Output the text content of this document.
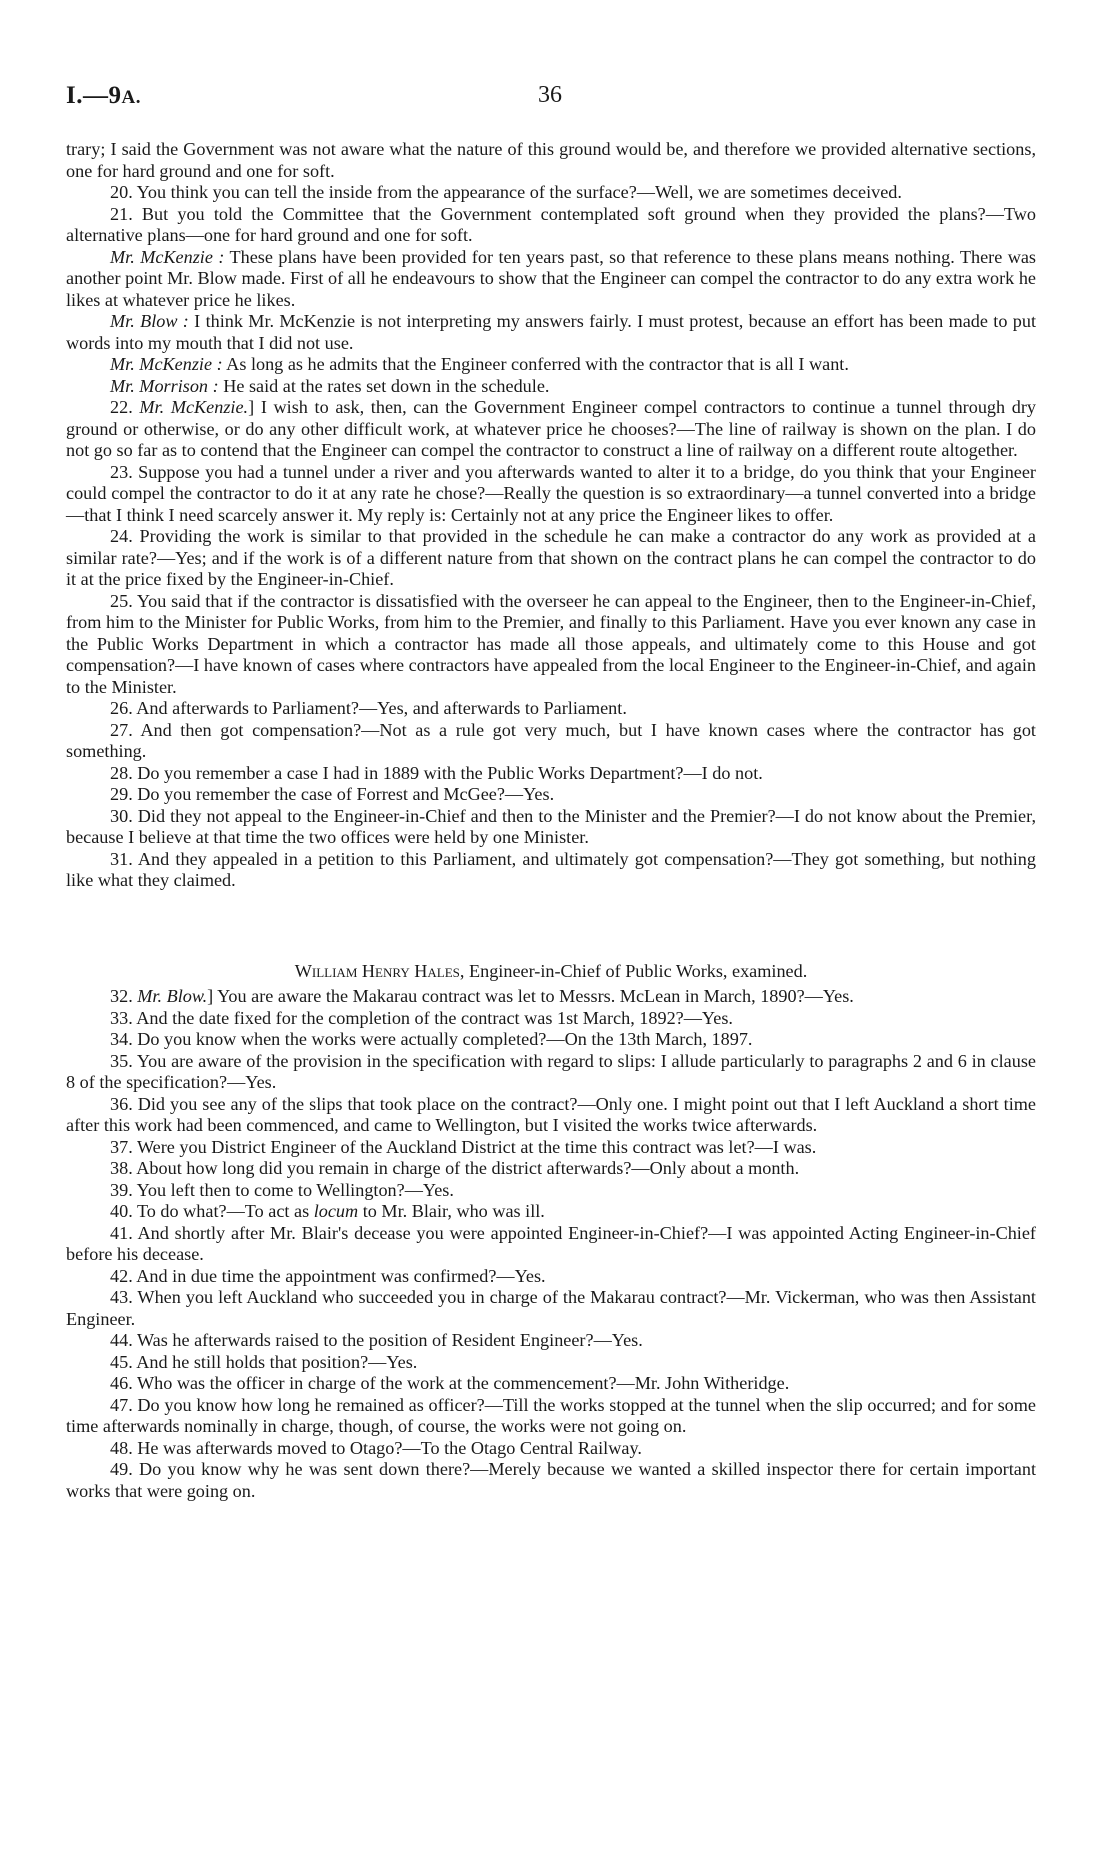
I.—9A.	36

trary; I said the Government was not aware what the nature of this ground would be, and therefore we provided alternative sections, one for hard ground and one for soft.

20. You think you can tell the inside from the appearance of the surface?—Well, we are sometimes deceived.

21. But you told the Committee that the Government contemplated soft ground when they provided the plans?—Two alternative plans—one for hard ground and one for soft.

Mr. McKenzie : These plans have been provided for ten years past, so that reference to these plans means nothing. There was another point Mr. Blow made. First of all he endeavours to show that the Engineer can compel the contractor to do any extra work he likes at whatever price he likes.

Mr. Blow : I think Mr. McKenzie is not interpreting my answers fairly. I must protest, because an effort has been made to put words into my mouth that I did not use.

Mr. McKenzie : As long as he admits that the Engineer conferred with the contractor that is all I want.

Mr. Morrison : He said at the rates set down in the schedule.

22. Mr. McKenzie.] I wish to ask, then, can the Government Engineer compel contractors to continue a tunnel through dry ground or otherwise, or do any other difficult work, at whatever price he chooses?—The line of railway is shown on the plan. I do not go so far as to contend that the Engineer can compel the contractor to construct a line of railway on a different route altogether.

23. Suppose you had a tunnel under a river and you afterwards wanted to alter it to a bridge, do you think that your Engineer could compel the contractor to do it at any rate he chose?—Really the question is so extraordinary—a tunnel converted into a bridge—that I think I need scarcely answer it. My reply is: Certainly not at any price the Engineer likes to offer.

24. Providing the work is similar to that provided in the schedule he can make a contractor do any work as provided at a similar rate?—Yes; and if the work is of a different nature from that shown on the contract plans he can compel the contractor to do it at the price fixed by the Engineer-in-Chief.

25. You said that if the contractor is dissatisfied with the overseer he can appeal to the Engineer, then to the Engineer-in-Chief, from him to the Minister for Public Works, from him to the Premier, and finally to this Parliament. Have you ever known any case in the Public Works Department in which a contractor has made all those appeals, and ultimately come to this House and got compensation?—I have known of cases where contractors have appealed from the local Engineer to the Engineer-in-Chief, and again to the Minister.

26. And afterwards to Parliament?—Yes, and afterwards to Parliament.

27. And then got compensation?—Not as a rule got very much, but I have known cases where the contractor has got something.

28. Do you remember a case I had in 1889 with the Public Works Department?—I do not.

29. Do you remember the case of Forrest and McGee?—Yes.

30. Did they not appeal to the Engineer-in-Chief and then to the Minister and the Premier?—I do not know about the Premier, because I believe at that time the two offices were held by one Minister.

31. And they appealed in a petition to this Parliament, and ultimately got compensation?—They got something, but nothing like what they claimed.

William Henry Hales, Engineer-in-Chief of Public Works, examined.

32. Mr. Blow.] You are aware the Makarau contract was let to Messrs. McLean in March, 1890?—Yes.

33. And the date fixed for the completion of the contract was 1st March, 1892?—Yes.

34. Do you know when the works were actually completed?—On the 13th March, 1897.

35. You are aware of the provision in the specification with regard to slips: I allude particularly to paragraphs 2 and 6 in clause 8 of the specification?—Yes.

36. Did you see any of the slips that took place on the contract?—Only one. I might point out that I left Auckland a short time after this work had been commenced, and came to Wellington, but I visited the works twice afterwards.

37. Were you District Engineer of the Auckland District at the time this contract was let?—I was.

38. About how long did you remain in charge of the district afterwards?—Only about a month.

39. You left then to come to Wellington?—Yes.

40. To do what?—To act as locum to Mr. Blair, who was ill.

41. And shortly after Mr. Blair's decease you were appointed Engineer-in-Chief?—I was appointed Acting Engineer-in-Chief before his decease.

42. And in due time the appointment was confirmed?—Yes.

43. When you left Auckland who succeeded you in charge of the Makarau contract?—Mr. Vickerman, who was then Assistant Engineer.

44. Was he afterwards raised to the position of Resident Engineer?—Yes.

45. And he still holds that position?—Yes.

46. Who was the officer in charge of the work at the commencement?—Mr. John Witheridge.

47. Do you know how long he remained as officer?—Till the works stopped at the tunnel when the slip occurred; and for some time afterwards nominally in charge, though, of course, the works were not going on.

48. He was afterwards moved to Otago?—To the Otago Central Railway.

49. Do you know why he was sent down there?—Merely because we wanted a skilled inspector there for certain important works that were going on.
